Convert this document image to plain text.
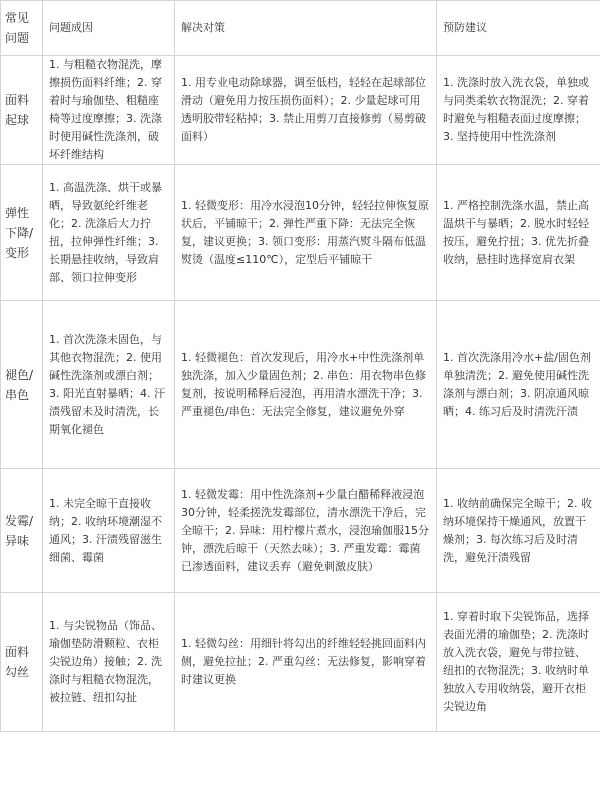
常见问题	问题成因	解决对策	预防建议
面料起球	1. 与粗糙衣物混洗，摩擦损伤面料纤维；2. 穿着时与瑜伽垫、粗糙座椅等过度摩擦；3. 洗涤时使用碱性洗涤剂，破坏纤维结构	1. 用专业电动除球器，调至低档，轻轻在起球部位滑动（避免用力按压损伤面料）；2. 少量起球可用透明胶带轻粘掉；3. 禁止用剪刀直接修剪（易剪破面料）	1. 洗涤时放入洗衣袋，单独或与同类柔软衣物混洗；2. 穿着时避免与粗糙表面过度摩擦；3. 坚持使用中性洗涤剂
弹性下降/变形	1. 高温洗涤、烘干或暴晒，导致氨纶纤维老化；2. 洗涤后大力拧扭，拉伸弹性纤维；3. 长期悬挂收纳，导致肩部、领口拉伸变形	1. 轻微变形：用冷水浸泡10分钟，轻轻拉伸恢复原状后，平铺晾干；2. 弹性严重下降：无法完全恢复，建议更换；3. 领口变形：用蒸汽熨斗隔布低温熨烫（温度≤110℃），定型后平铺晾干	1. 严格控制洗涤水温，禁止高温烘干与暴晒；2. 脱水时轻轻按压，避免拧扭；3. 优先折叠收纳，悬挂时选择宽肩衣架
褪色/串色	1. 首次洗涤未固色，与其他衣物混洗；2. 使用碱性洗涤剂或漂白剂；3. 阳光直射暴晒；4. 汗渍残留未及时清洗，长期氧化褪色	1. 轻微褪色：首次发现后，用冷水+中性洗涤剂单独洗涤，加入少量固色剂；2. 串色：用衣物串色修复剂，按说明稀释后浸泡，再用清水漂洗干净；3. 严重褪色/串色：无法完全修复，建议避免外穿	1. 首次洗涤用冷水+盐/固色剂单独清洗；2. 避免使用碱性洗涤剂与漂白剂；3. 阴凉通风晾晒；4. 练习后及时清洗汗渍
发霉/异味	1. 未完全晾干直接收纳；2. 收纳环境潮湿不通风；3. 汗渍残留滋生细菌、霉菌	1. 轻微发霉：用中性洗涤剂+少量白醋稀释液浸泡30分钟，轻柔搓洗发霉部位，清水漂洗干净后，完全晾干；2. 异味：用柠檬片煮水，浸泡瑜伽服15分钟，漂洗后晾干（天然去味）；3. 严重发霉：霉菌已渗透面料，建议丢弃（避免刺激皮肤）	1. 收纳前确保完全晾干；2. 收纳环境保持干燥通风，放置干燥剂；3. 每次练习后及时清洗，避免汗渍残留
面料勾丝	1. 与尖锐物品（饰品、瑜伽垫防滑颗粒、衣柜尖锐边角）接触；2. 洗涤时与粗糙衣物混洗，被拉链、纽扣勾扯	1. 轻微勾丝：用细针将勾出的纤维轻轻挑回面料内侧，避免拉扯；2. 严重勾丝：无法修复，影响穿着时建议更换	1. 穿着时取下尖锐饰品，选择表面光滑的瑜伽垫；2. 洗涤时放入洗衣袋，避免与带拉链、纽扣的衣物混洗；3. 收纳时单独放入专用收纳袋，避开衣柜尖锐边角
